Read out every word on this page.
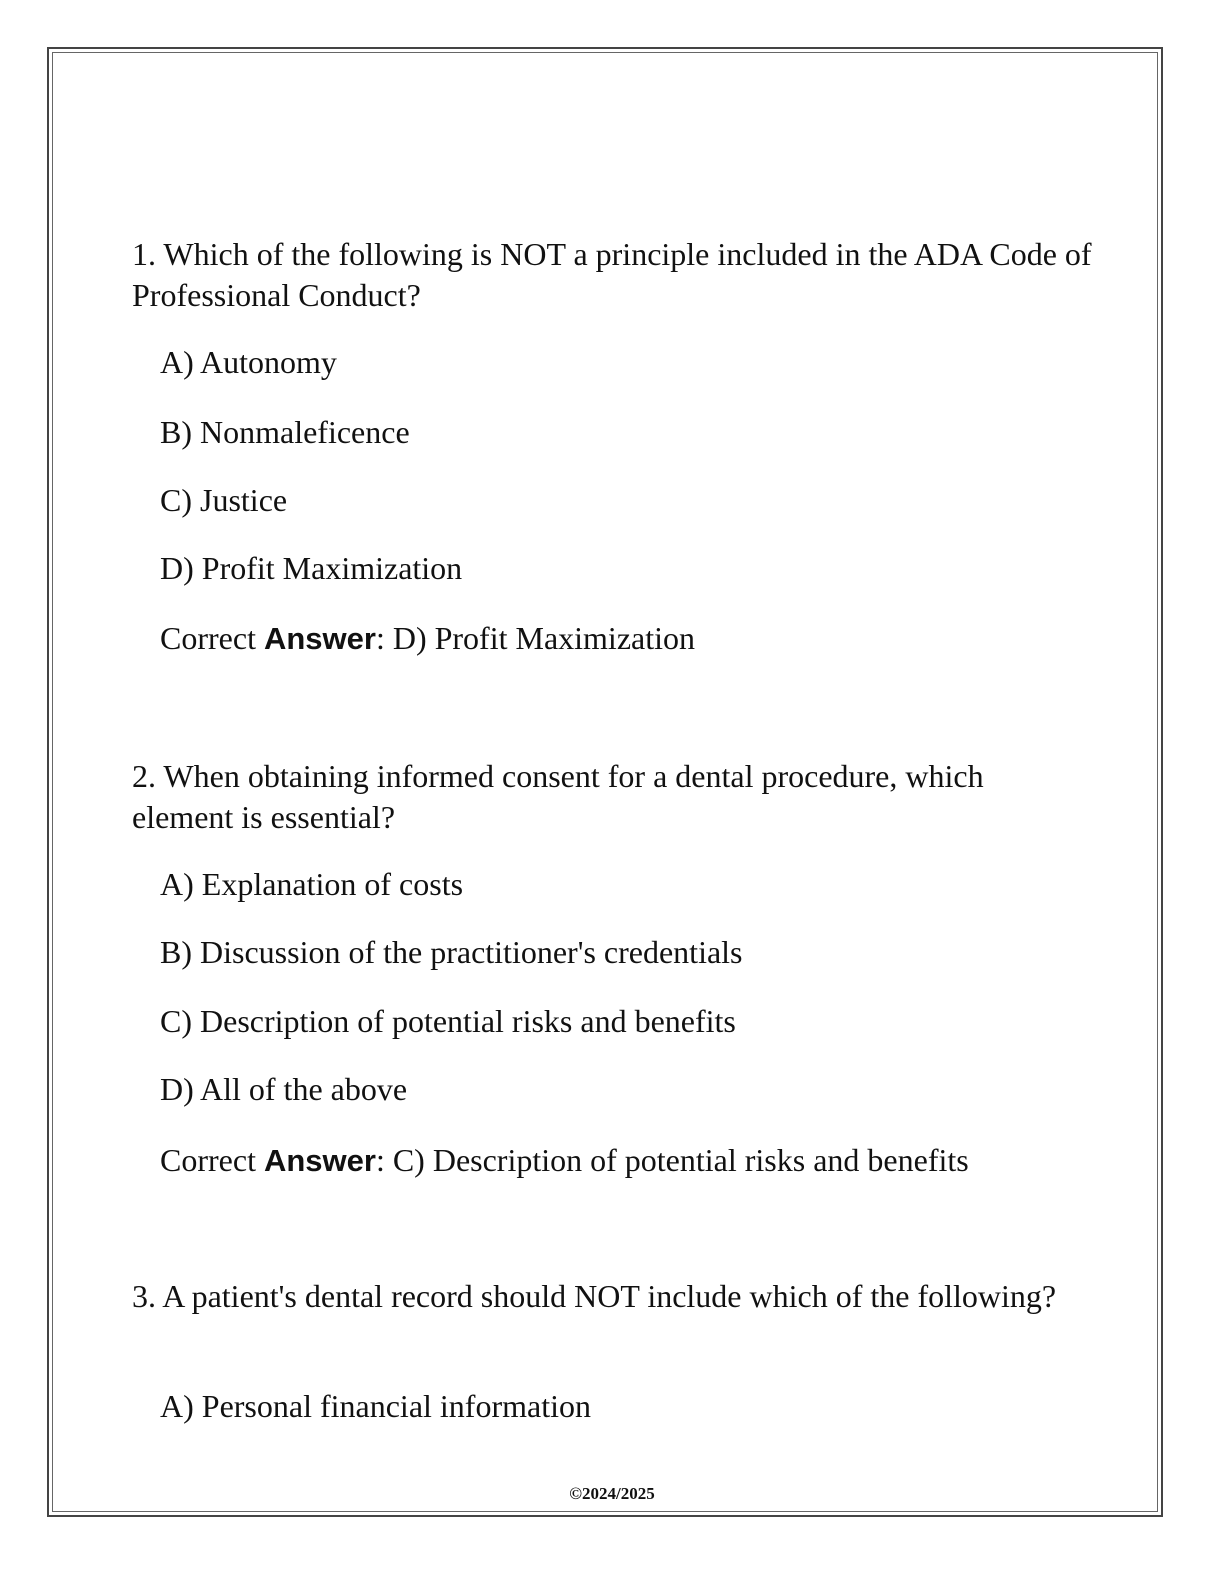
1. Which of the following is NOT a principle included in the ADA Code of Professional Conduct?

A) Autonomy
B) Nonmaleficence
C) Justice
D) Profit Maximization
Correct Answer: D) Profit Maximization

2. When obtaining informed consent for a dental procedure, which element is essential?

A) Explanation of costs
B) Discussion of the practitioner's credentials
C) Description of potential risks and benefits
D) All of the above
Correct Answer: C) Description of potential risks and benefits

3. A patient's dental record should NOT include which of the following?

A) Personal financial information
©2024/2025
